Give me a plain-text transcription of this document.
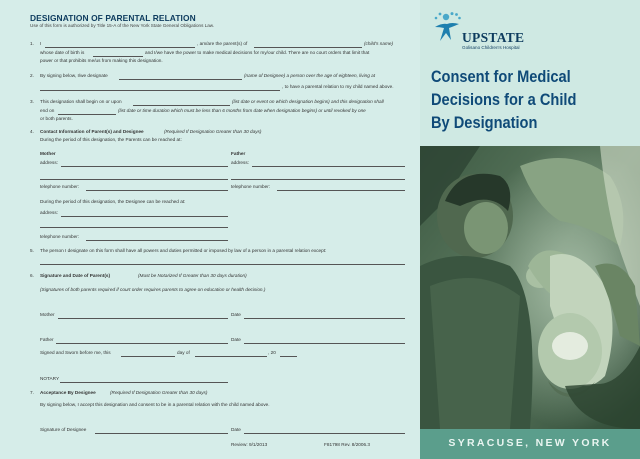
DESIGNATION OF PARENTAL RELATION
Use of this form is authorized by Title 15-A of the New York State General Obligations Law.
1. I	, am/are the parent(s) of	(child's name)
whose date of birth is	and I/we have the power to make medical decisions for my/our child. There are no court orders that limit that
power or that prohibits me/us from making this designation.
2. By signing below, I/we designate	(name of Designee) a person over the age of eighteen, living at
, to have a parental relation to my child named above.
3. This designation shall begin on or upon	(list date or event on which designation begins) and this designation shall
end on	(list date or time duration which must be less than 6 months from date when designation begins) or until revoked by one
or both parents.
4. Contact Information of Parent(s) and Designee	(Required If Designation Greater than 30 days)
During the period of this designation, the Parents can be reached at:
Mother	Father
address:	address:
telephone number:	telephone number:
During the period of this designation, the Designee can be reached at:
address:
telephone number:
5. The person I designate on this form shall have all powers and duties permitted or imposed by law of a person in a parental relation except:
6. Signature and Date of Parent(s)	(Must be Notarized If Greater than 30 days duration)
(Signatures of both parents required if court order requires parents to agree on education or health decision.)
Mother	Date
Father	Date
Signed and Sworn before me, this	day of	, 20
NOTARY
7. Acceptance By Designee	(Required If Designation Greater than 30 days)
By signing below, I accept this designation and consent to be in a parental relation with the child named above.
Signature of Designee	Date
Review: 9/1/2013	F81798 Rev. 8/2006.3
UPSTATE
Golisano Children's Hospital
Consent for Medical
Decisions for a Child
By Designation
SYRACUSE, NEW YORK
